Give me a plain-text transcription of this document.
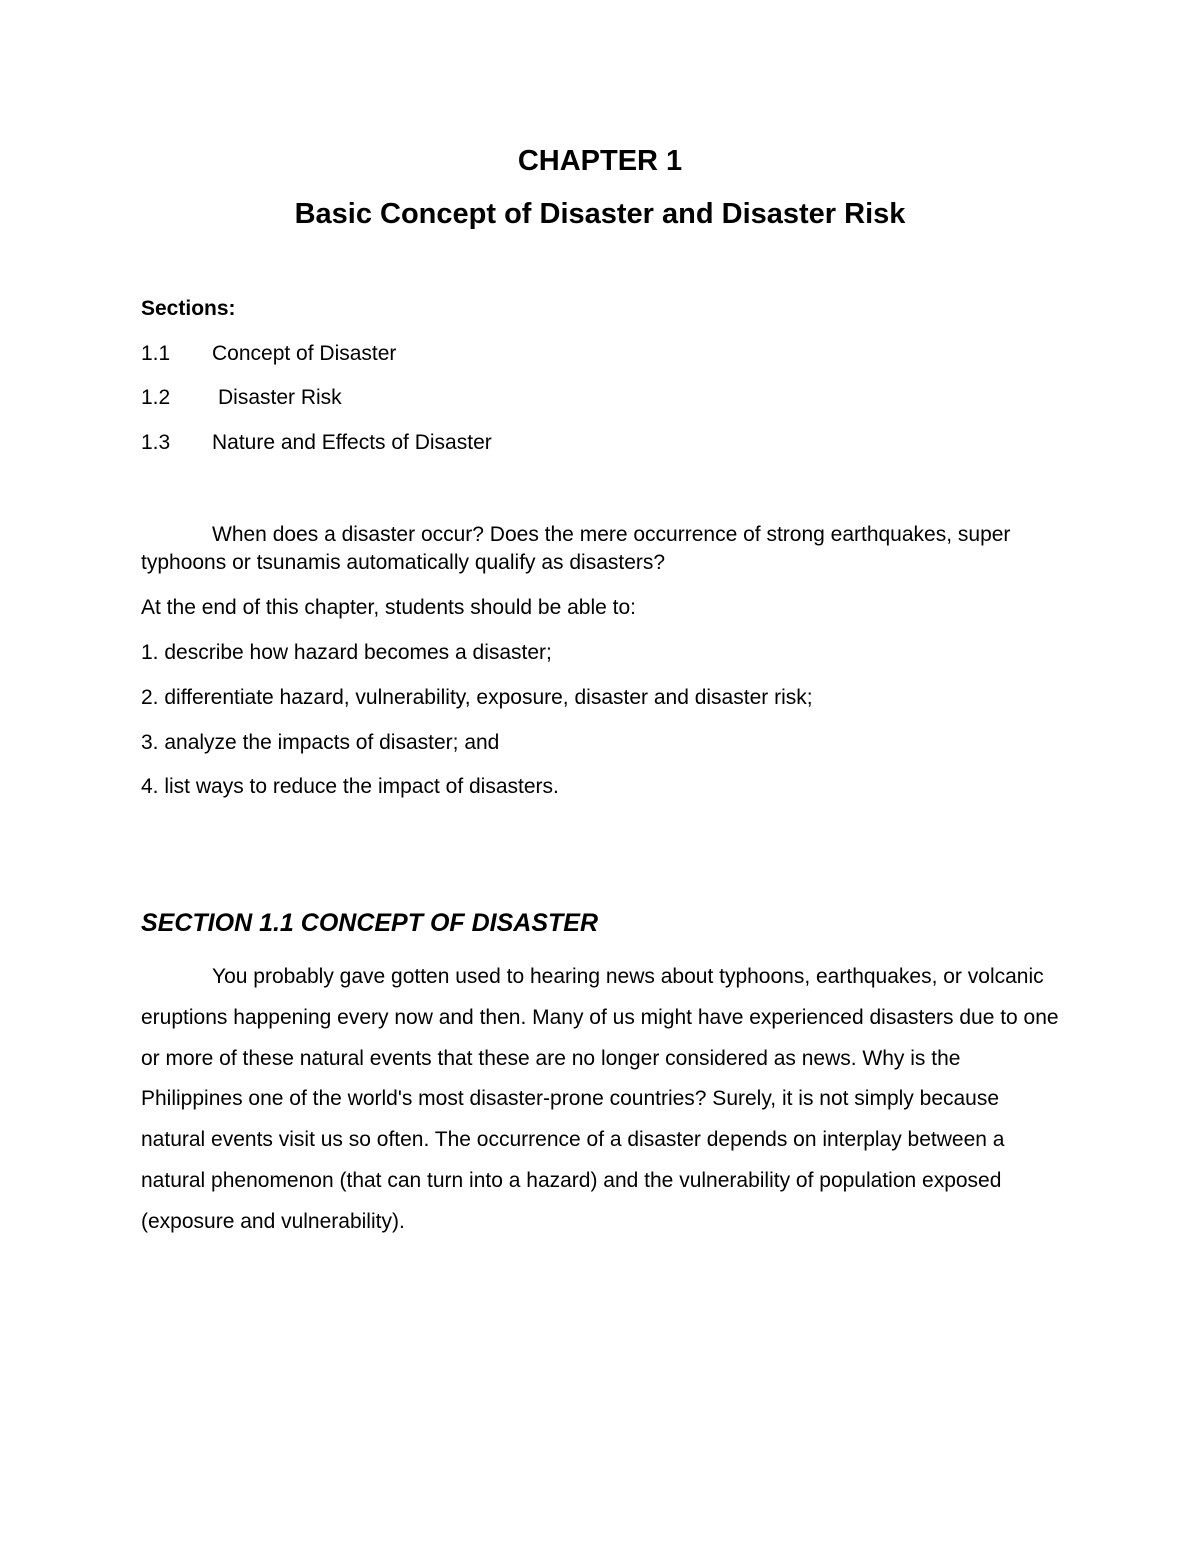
CHAPTER 1

Basic Concept of Disaster and Disaster Risk

Sections:

1.1 Concept of Disaster
1.2 Disaster Risk
1.3 Nature and Effects of Disaster

When does a disaster occur? Does the mere occurrence of strong earthquakes, super typhoons or tsunamis automatically qualify as disasters?

At the end of this chapter, students should be able to:

1. describe how hazard becomes a disaster;

2. differentiate hazard, vulnerability, exposure, disaster and disaster risk;

3. analyze the impacts of disaster; and

4. list ways to reduce the impact of disasters.

SECTION 1.1 CONCEPT OF DISASTER

You probably gave gotten used to hearing news about typhoons, earthquakes, or volcanic eruptions happening every now and then. Many of us might have experienced disasters due to one or more of these natural events that these are no longer considered as news. Why is the Philippines one of the world's most disaster-prone countries? Surely, it is not simply because natural events visit us so often. The occurrence of a disaster depends on interplay between a natural phenomenon (that can turn into a hazard) and the vulnerability of population exposed (exposure and vulnerability).
